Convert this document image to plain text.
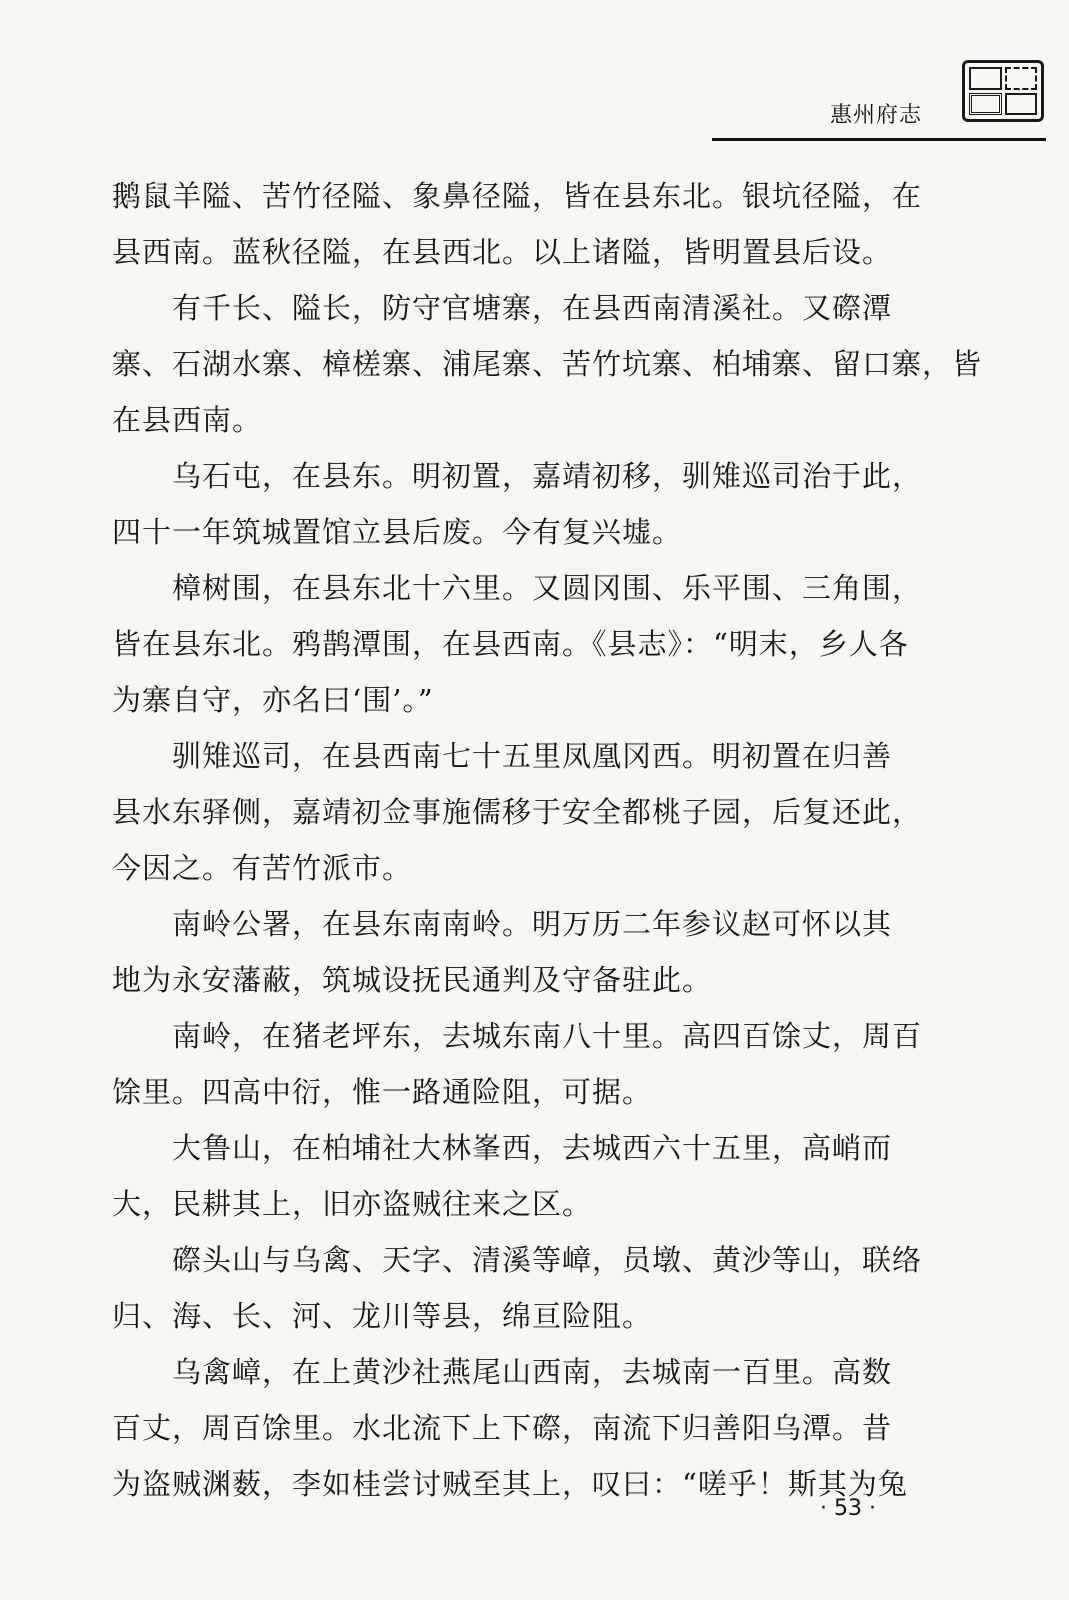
惠州府志
鹅鼠羊隘、苦竹径隘、象鼻径隘，皆在县东北。银坑径隘，在
县西南。蓝秋径隘，在县西北。以上诸隘，皆明置县后设。
　　有千长、隘长，防守官塘寨，在县西南清溪社。又磜潭
寨、石湖水寨、樟槎寨、浦尾寨、苦竹坑寨、柏埔寨、留口寨，皆
在县西南。
　　乌石屯，在县东。明初置，嘉靖初移，驯雉巡司治于此，
四十一年筑城置馆立县后废。今有复兴墟。
　　樟树围，在县东北十六里。又圆冈围、乐平围、三角围，
皆在县东北。鸦鹊潭围，在县西南。《县志》：“明末，乡人各
为寨自守，亦名曰‘围’。”
　　驯雉巡司，在县西南七十五里凤凰冈西。明初置在归善
县水东驿侧，嘉靖初佥事施儒移于安全都桃子园，后复还此，
今因之。有苦竹派市。
　　南岭公署，在县东南南岭。明万历二年参议赵可怀以其
地为永安藩蔽，筑城设抚民通判及守备驻此。
　　南岭，在猪老坪东，去城东南八十里。高四百馀丈，周百
馀里。四高中衍，惟一路通险阻，可据。
　　大鲁山，在柏埔社大林峯西，去城西六十五里，高峭而
大，民耕其上，旧亦盗贼往来之区。
　　磜头山与乌禽、天字、清溪等嶂，员墩、黄沙等山，联络
归、海、长、河、龙川等县，绵亘险阻。
　　乌禽嶂，在上黄沙社燕尾山西南，去城南一百里。高数
百丈，周百馀里。水北流下上下磜，南流下归善阳乌潭。昔
为盗贼渊薮，李如桂尝讨贼至其上，叹曰：“嗟乎！斯其为兔
· 53 ·
